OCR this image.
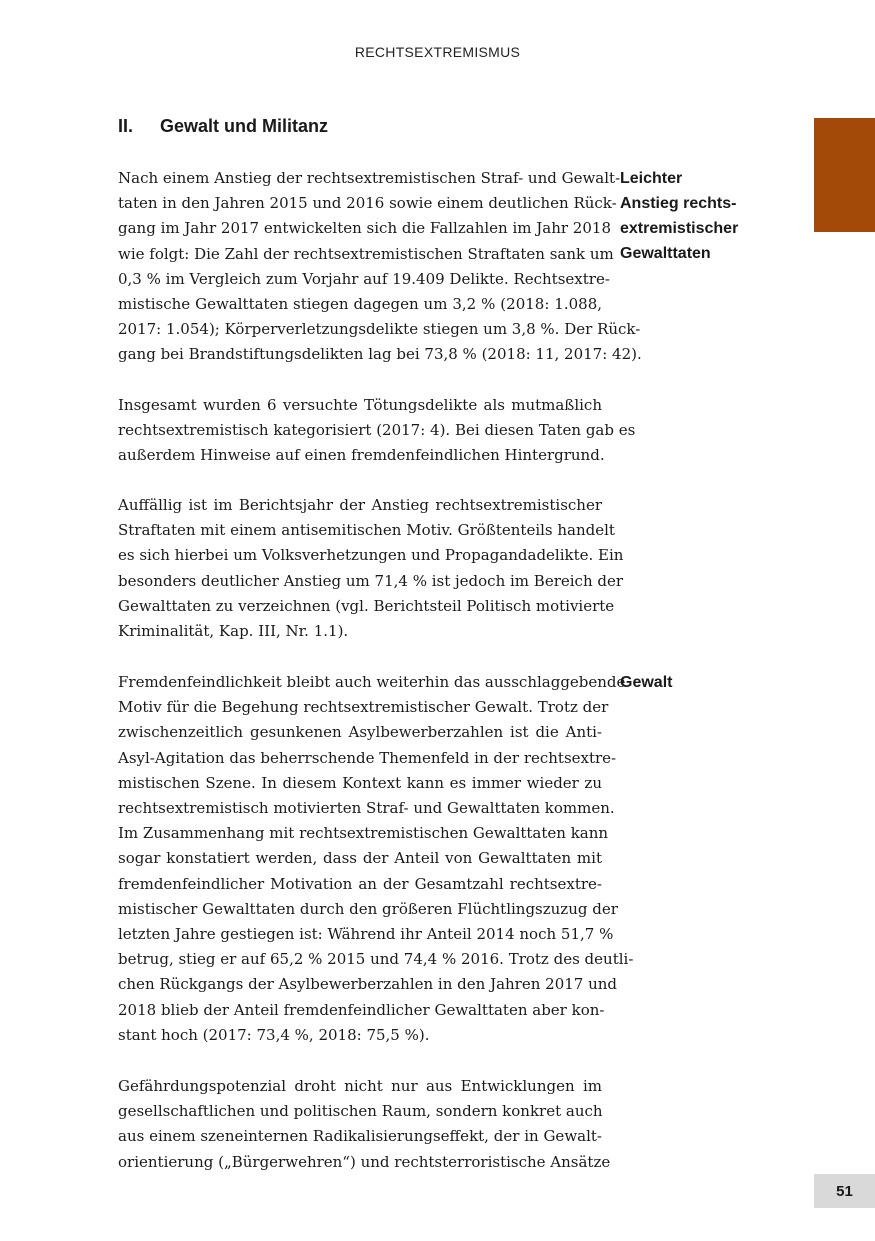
RECHTSEXTREMISMUS
II. Gewalt und Militanz
Nach einem Anstieg der rechtsextremistischen Straf- und Gewalt-
taten in den Jahren 2015 und 2016 sowie einem deutlichen Rück-
gang im Jahr 2017 entwickelten sich die Fallzahlen im Jahr 2018
wie folgt: Die Zahl der rechtsextremistischen Straftaten sank um
0,3 % im Vergleich zum Vorjahr auf 19.409 Delikte. Rechtsextre-
mistische Gewalttaten stiegen dagegen um 3,2 % (2018: 1.088,
2017: 1.054); Körperverletzungsdelikte stiegen um 3,8 %. Der Rück-
gang bei Brandstiftungsdelikten lag bei 73,8 % (2018: 11, 2017: 42).
Insgesamt wurden 6 versuchte Tötungsdelikte als mutmaßlich
rechtsextremistisch kategorisiert (2017: 4). Bei diesen Taten gab es
außerdem Hinweise auf einen fremdenfeindlichen Hintergrund.
Auffällig ist im Berichtsjahr der Anstieg rechtsextremistischer
Straftaten mit einem antisemitischen Motiv. Größtenteils handelt
es sich hierbei um Volksverhetzungen und Propagandadelikte. Ein
besonders deutlicher Anstieg um 71,4 % ist jedoch im Bereich der
Gewalttaten zu verzeichnen (vgl. Berichtsteil Politisch motivierte
Kriminalität, Kap. III, Nr. 1.1).
Fremdenfeindlichkeit bleibt auch weiterhin das ausschlaggebende
Motiv für die Begehung rechtsextremistischer Gewalt. Trotz der
zwischenzeitlich gesunkenen Asylbewerberzahlen ist die Anti-
Asyl-Agitation das beherrschende Themenfeld in der rechtsextre-
mistischen Szene. In diesem Kontext kann es immer wieder zu
rechtsextremistisch motivierten Straf- und Gewalttaten kommen.
Im Zusammenhang mit rechtsextremistischen Gewalttaten kann
sogar konstatiert werden, dass der Anteil von Gewalttaten mit
fremdenfeindlicher Motivation an der Gesamtzahl rechtsextre-
mistischer Gewalttaten durch den größeren Flüchtlingszuzug der
letzten Jahre gestiegen ist: Während ihr Anteil 2014 noch 51,7 %
betrug, stieg er auf 65,2 % 2015 und 74,4 % 2016. Trotz des deutli-
chen Rückgangs der Asylbewerberzahlen in den Jahren 2017 und
2018 blieb der Anteil fremdenfeindlicher Gewalttaten aber kon-
stant hoch (2017: 73,4 %, 2018: 75,5 %).
Gefährdungspotenzial droht nicht nur aus Entwicklungen im
gesellschaftlichen und politischen Raum, sondern konkret auch
aus einem szeneinternen Radikalisierungseffekt, der in Gewalt-
orientierung („Bürgerwehren“) und rechtsterroristische Ansätze
Leichter
Anstieg rechts-
extremistischer
Gewalttaten
Gewalt
51
